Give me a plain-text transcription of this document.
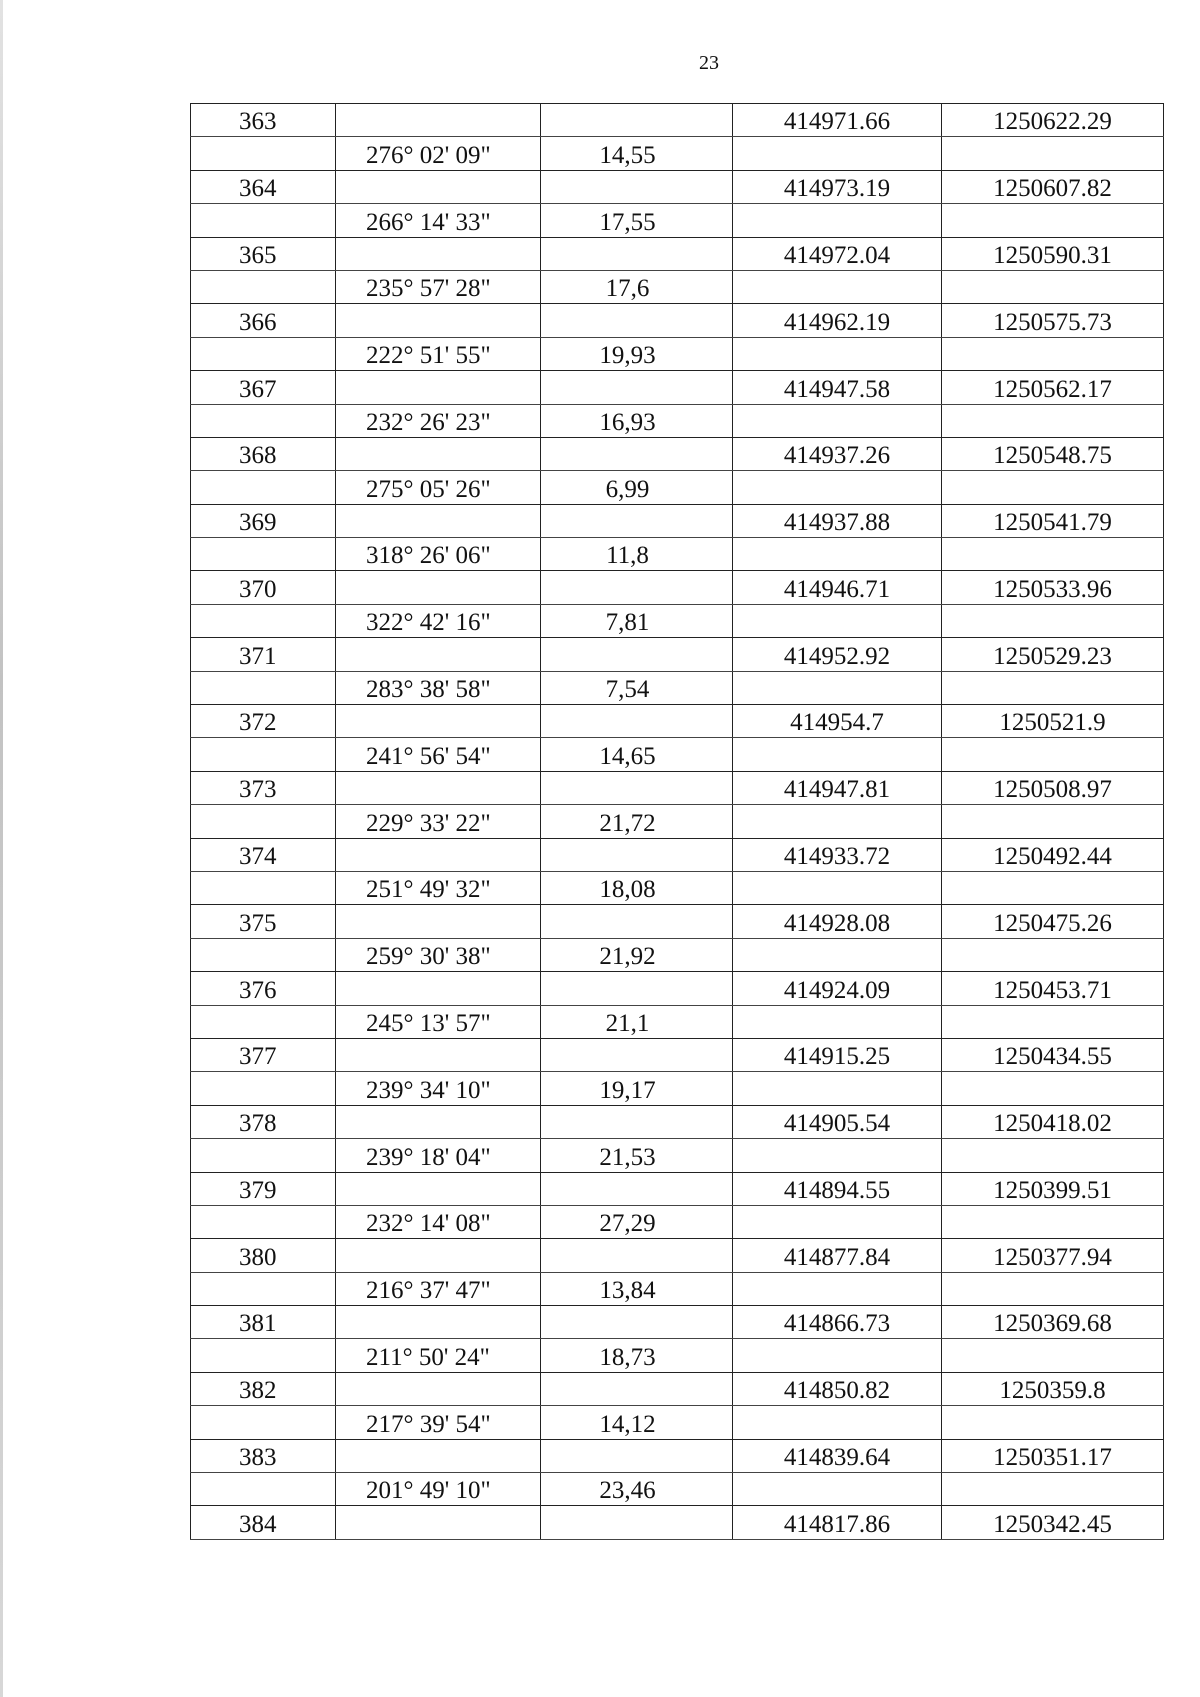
23
363			414971.66	1250622.29

	276° 02' 09"	14,55		

364			414973.19	1250607.82

	266° 14' 33"	17,55		

365			414972.04	1250590.31

	235° 57' 28"	17,6		

366			414962.19	1250575.73

	222° 51' 55"	19,93		

367			414947.58	1250562.17

	232° 26' 23"	16,93		

368			414937.26	1250548.75

	275° 05' 26"	6,99		

369			414937.88	1250541.79

	318° 26' 06"	11,8		

370			414946.71	1250533.96

	322° 42' 16"	7,81		

371			414952.92	1250529.23

	283° 38' 58"	7,54		

372			414954.7	1250521.9

	241° 56' 54"	14,65		

373			414947.81	1250508.97

	229° 33' 22"	21,72		

374			414933.72	1250492.44

	251° 49' 32"	18,08		

375			414928.08	1250475.26

	259° 30' 38"	21,92		

376			414924.09	1250453.71

	245° 13' 57"	21,1		

377			414915.25	1250434.55

	239° 34' 10"	19,17		

378			414905.54	1250418.02

	239° 18' 04"	21,53		

379			414894.55	1250399.51

	232° 14' 08"	27,29		

380			414877.84	1250377.94

	216° 37' 47"	13,84		

381			414866.73	1250369.68

	211° 50' 24"	18,73		

382			414850.82	1250359.8

	217° 39' 54"	14,12		

383			414839.64	1250351.17

	201° 49' 10"	23,46		

384			414817.86	1250342.45
